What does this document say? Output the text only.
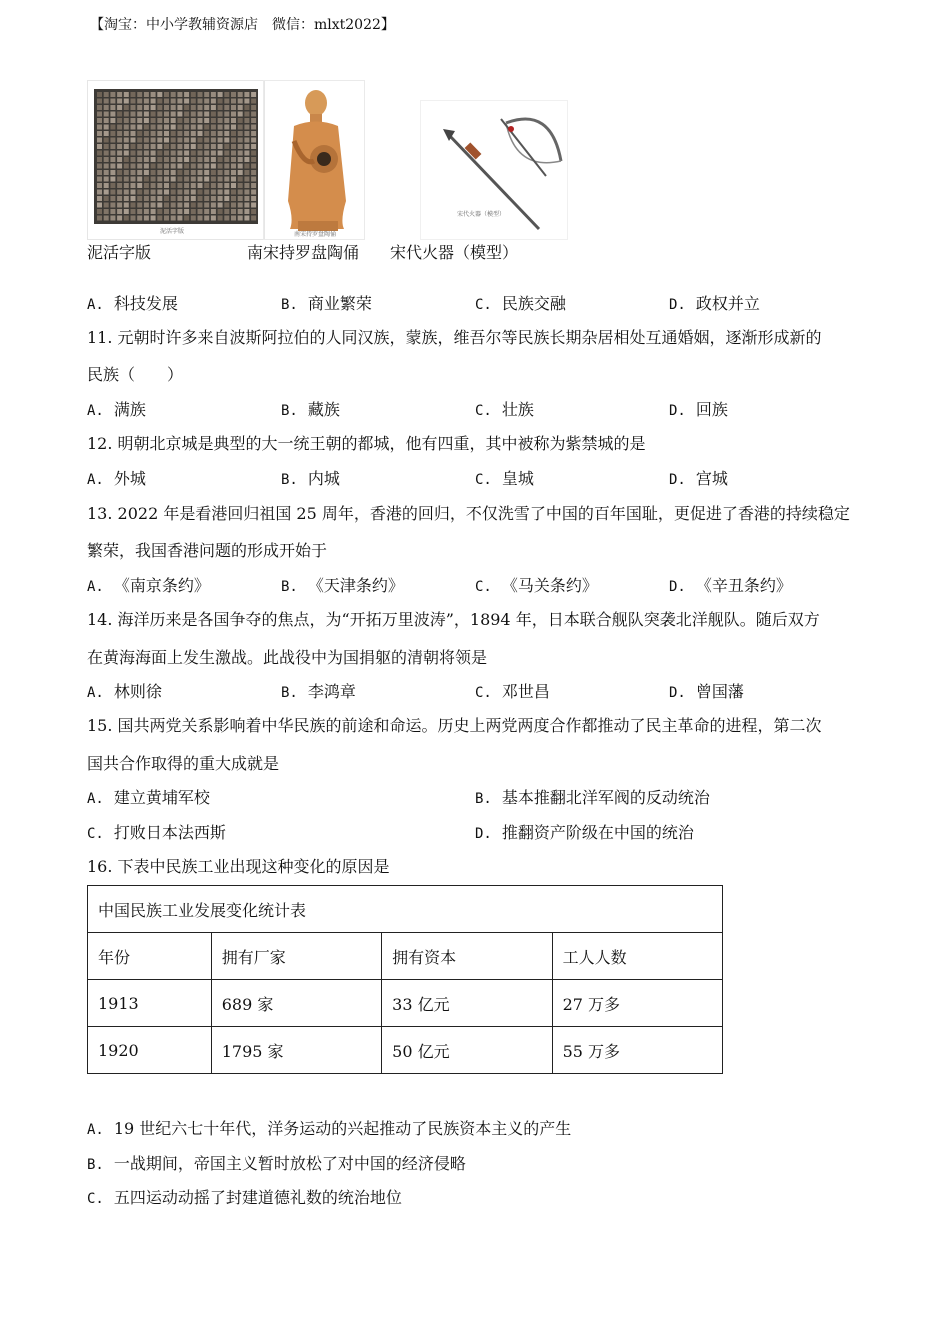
【淘宝：中小学教辅资源店　微信：mlxt2022】
泥活字版	南宋持罗盘陶俑
宋代火器（模型）
泥活字版	南宋持罗盘陶俑 宋代火器（模型）
A. 科技发展	B. 商业繁荣	C. 民族交融	D. 政权并立
11. 元朝时许多来自波斯阿拉伯的人同汉族，蒙族，维吾尔等民族长期杂居相处互通婚姻，逐渐形成新的
民族（　　）
A. 满族	B. 藏族	C. 壮族	D. 回族
12. 明朝北京城是典型的大一统王朝的都城，他有四重，其中被称为紫禁城的是
A. 外城	B. 内城	C. 皇城	D. 宫城
13. 2022 年是看港回归祖国 25 周年，香港的回归，不仅洗雪了中国的百年国耻，更促进了香港的持续稳定
繁荣，我国香港问题的形成开始于
A. 《南京条约》	B. 《天津条约》	C. 《马关条约》	D. 《辛丑条约》
14. 海洋历来是各国争夺的焦点，为“开拓万里波涛”，1894 年，日本联合舰队突袭北洋舰队。随后双方
在黄海海面上发生激战。此战役中为国捐躯的清朝将领是
A. 林则徐	B. 李鸿章	C. 邓世昌	D. 曾国藩
15. 国共两党关系影响着中华民族的前途和命运。历史上两党两度合作都推动了民主革命的进程，第二次
国共合作取得的重大成就是
A. 建立黄埔军校	B. 基本推翻北洋军阀的反动统治
C. 打败日本法西斯	D. 推翻资产阶级在中国的统治
16. 下表中民族工业出现这种变化的原因是
中国民族工业发展变化统计表			
年份	拥有厂家	拥有资本	工人人数
1913	689 家	33 亿元	27 万多
1920	1795 家	50 亿元	55 万多
A. 19 世纪六七十年代，洋务运动的兴起推动了民族资本主义的产生
B. 一战期间，帝国主义暂时放松了对中国的经济侵略
C. 五四运动动摇了封建道德礼数的统治地位
